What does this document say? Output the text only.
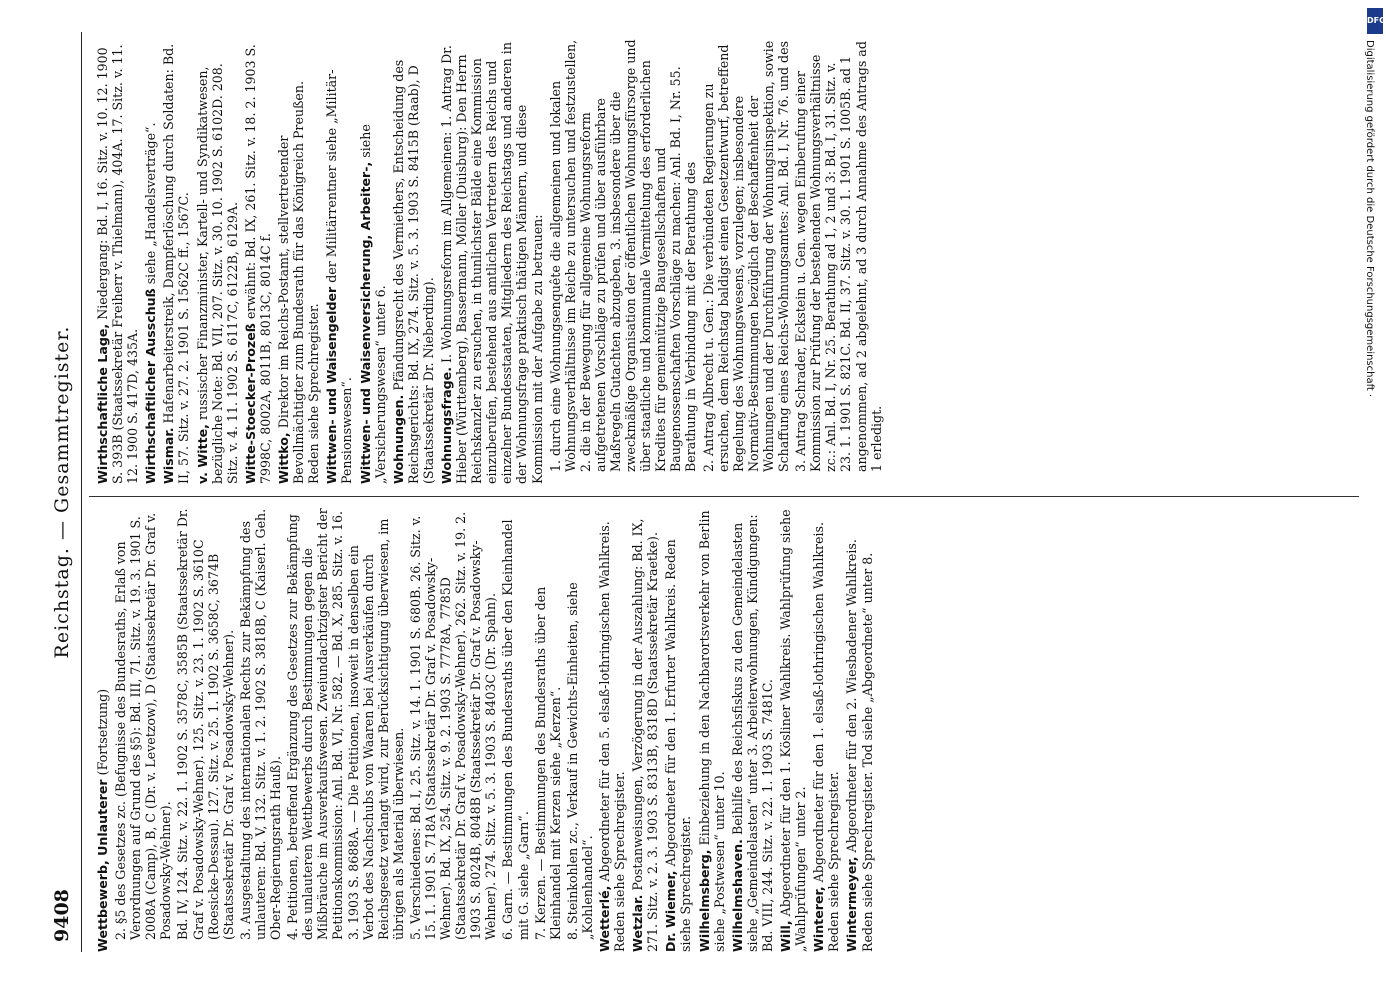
9408
Reichstag. — Gesammtregister.
Wettbewerb, Unlauterer (Fortsetzung) 2. §5 des Gesetzes zc. (Befugnisse des Bundesraths, Erlaß von Verordnungen auf Grund des §5): Bd. III, 71. Sitz. v. 19. 3. 1901 S. 2008A (Camp), B, C (Dr. v. Levetzow), D (Staatssekretär Dr. Graf v. Posadowsky-Wehner). Bd. IV, 124. Sitz. v. 22. 1. 1902 S. 3578C, 3585B (Staatssekretär Dr. Graf v. Posadowsky-Wehner). 125. Sitz. v. 23. 1. 1902 S. 3610C (Roesicke-Dessau). 127. Sitz. v. 25. 1. 1902 S. 3658C, 3674B (Staatssekretär Dr. Graf v. Posadowsky-Wehner). 3. Ausgestaltung des internationalen Rechts zur Bekämpfung des unlauteren: Bd. V, 132. Sitz. v. 1. 2. 1902 S. 3818B, C (Kaiserl. Geh. Ober-Regierungsrath Hauß). 4. Petitionen, betreffend Ergänzung des Gesetzes zur Bekämpfung des unlauteren Wettbewerbs durch Bestimmungen gegen die Mißbräuche im Ausverkaufswesen. Zweiundachtzigster Bericht der Petitionskommission: Anl. Bd. VI, Nr. 582. — Bd. X, 285. Sitz. v. 16. 3. 1903 S. 8688A. — Die Petitionen, insoweit in denselben ein Verbot des Nachschubs von Waaren bei Ausverkäufen durch Reichsgesetz verlangt wird, zur Berücksichtigung überwiesen, im übrigen als Material überwiesen. 5. Verschiedenes: Bd. I, 25. Sitz. v. 14. 1. 1901 S. 680B. 26. Sitz. v. 15. 1. 1901 S. 718A (Staatssekretär Dr. Graf v. Posadowsky-Wehner). Bd. IX, 254. Sitz. v. 9. 2. 1903 S. 7778A, 7785D (Staatssekretär Dr. Graf v. Posadowsky-Wehner). 262. Sitz. v. 19. 2. 1903 S. 8024B, 8048B (Staatssekretär Dr. Graf v. Posadowsky-Wehner). 274. Sitz. v. 5. 3. 1903 S. 8403C (Dr. Spahn). 6. Garn. — Bestimmungen des Bundesraths über den Kleinhandel mit G. siehe „Garn“. 7. Kerzen. — Bestimmungen des Bundesraths über den Kleinhandel mit Kerzen siehe „Kerzen“. 8. Steinkohlen zc., Verkauf in Gewichts-Einheiten, siehe „Kohlenhandel“. Wetterlé, Abgeordneter für den 5. elsaß-lothringischen Wahlkreis. Reden siehe Sprechregister. Wetzlar. Postanweisungen, Verzögerung in der Auszahlung: Bd. IX, 271. Sitz. v. 2. 3. 1903 S. 8313B, 8318D (Staatssekretär Kraetke). Dr. Wiemer, Abgeordneter für den 1. Erfurter Wahlkreis. Reden siehe Sprechregister. Wilhelmsberg, Einbeziehung in den Nachbarortsverkehr von Berlin siehe „Postwesen“ unter 10. Wilhelmshaven. Beihilfe des Reichsfiskus zu den Gemeindelasten siehe „Gemeindelasten“ unter 3. Arbeiterwohnungen, Kündigungen: Bd. VIII, 244. Sitz. v. 22. 1. 1903 S. 7481C. Will, Abgeordneter für den 1. Kösliner Wahlkreis. Wahlprüfung siehe „Wahlprüfungen“ unter 2. Winterer, Abgeordneter für den 1. elsaß-lothringischen Wahlkreis. Reden siehe Sprechregister. Wintermeyer, Abgeordneter für den 2. Wiesbadener Wahlkreis. Reden siehe Sprechregister. Tod siehe „Abgeordnete“ unter 8.
Wirthschaftliche Lage, Niedergang: Bd. I, 16. Sitz. v. 10. 12. 1900 S. 393B (Staatssekretär Freiherr v. Thielmann), 404A. 17. Sitz. v. 11. 12. 1900 S. 417D, 435A. Wirthschaftlicher Ausschuß siehe „Handelsverträge“.
Wismar. Hafenarbeiterstreik, Dampferlöschung durch Soldaten: Bd. II, 57. Sitz. v. 27. 2. 1901 S. 1562C ff., 1567C. v. Witte, russischer Finanzminister, Kartell- und Syndikatwesen, bezügliche Note: Bd. VII, 207. Sitz. v. 30. 10. 1902 S. 6102D. 208. Sitz. v. 4. 11. 1902 S. 6117C, 6122B, 6129A. Witte-Stoecker-Prozeß erwähnt: Bd. IX, 261. Sitz. v. 18. 2. 1903 S. 7998C, 8002A, 8011B, 8013C, 8014C f. Wittko, Direktor im Reichs-Postamt, stellvertretender Bevollmächtigter zum Bundesrath für das Königreich Preußen. Reden siehe Sprechregister. Wittwen- und Waisengelder der Militärrentner siehe „Militär-Pensionswesen“. Wittwen- und Waisenversicherung, Arbeiter-, siehe „Versicherungswesen“ unter 6. Wohnungen. Pfändungsrecht des Vermiethers, Entscheidung des Reichsgerichts: Bd. IX, 274. Sitz. v. 5. 3. 1903 S. 8415B (Raab), D (Staatssekretär Dr. Nieberding). Wohnungsfrage. I. Wohnungsreform im Allgemeinen: 1. Antrag Dr. Hieber (Württemberg), Bassermann, Möller (Duisburg): Den Herrn Reichskanzler zu ersuchen, in thunlichster Bälde eine Kommission einzuberufen, bestehend aus amtlichen Vertretern des Reichs und einzelner Bundesstaaten, Mitgliedern des Reichstags und anderen in der Wohnungsfrage praktisch thätigen Männern, und diese Kommission mit der Aufgabe zu betrauen: 1. durch eine Wohnungsenquête die allgemeinen und lokalen Wohnungsverhältnisse im Reiche zu untersuchen und festzustellen, 2. die in der Bewegung für allgemeine Wohnungsreform aufgetretenen Vorschläge zu prüfen und über ausführbare Maßregeln Gutachten abzugeben, 3. insbesondere über die zweckmäßige Organisation der öffentlichen Wohnungsfürsorge und über staatliche und kommunale Vermittelung des erforderlichen Kredites für gemeinnützige Baugesellschaften und Baugenossenschaften Vorschläge zu machen: Anl. Bd. I, Nr. 55. Berathung in Verbindung mit der Berathung des 2. Antrag Albrecht u. Gen.: Die verbündeten Regierungen zu ersuchen, dem Reichstag baldigst einen Gesetzentwurf, betreffend Regelung des Wohnungswesens, vorzulegen; insbesondere Normativ-Bestimmungen bezüglich der Beschaffenheit der Wohnungen und der Durchführung der Wohnungsinspektion, sowie Schaffung eines Reichs-Wohnungsamtes: Anl. Bd. I, Nr. 76. und des 3. Antrag Schrader, Eckstein u. Gen. wegen Einberufung einer Kommission zur Prüfung der bestehenden Wohnungsverhältnisse zc.: Anl. Bd. I, Nr. 25. Berathung ad 1, 2 und 3: Bd. I, 31. Sitz. v. 23. 1. 1901 S. 821C. Bd. II, 37. Sitz. v. 30. 1. 1901 S. 1005B. ad 1 angenommen, ad 2 abgelehnt, ad 3 durch Annahme des Antrags ad 1 erledigt.
DFG
Digitalisierung gefördert durch die Deutsche Forschungsgemeinschaft ·
